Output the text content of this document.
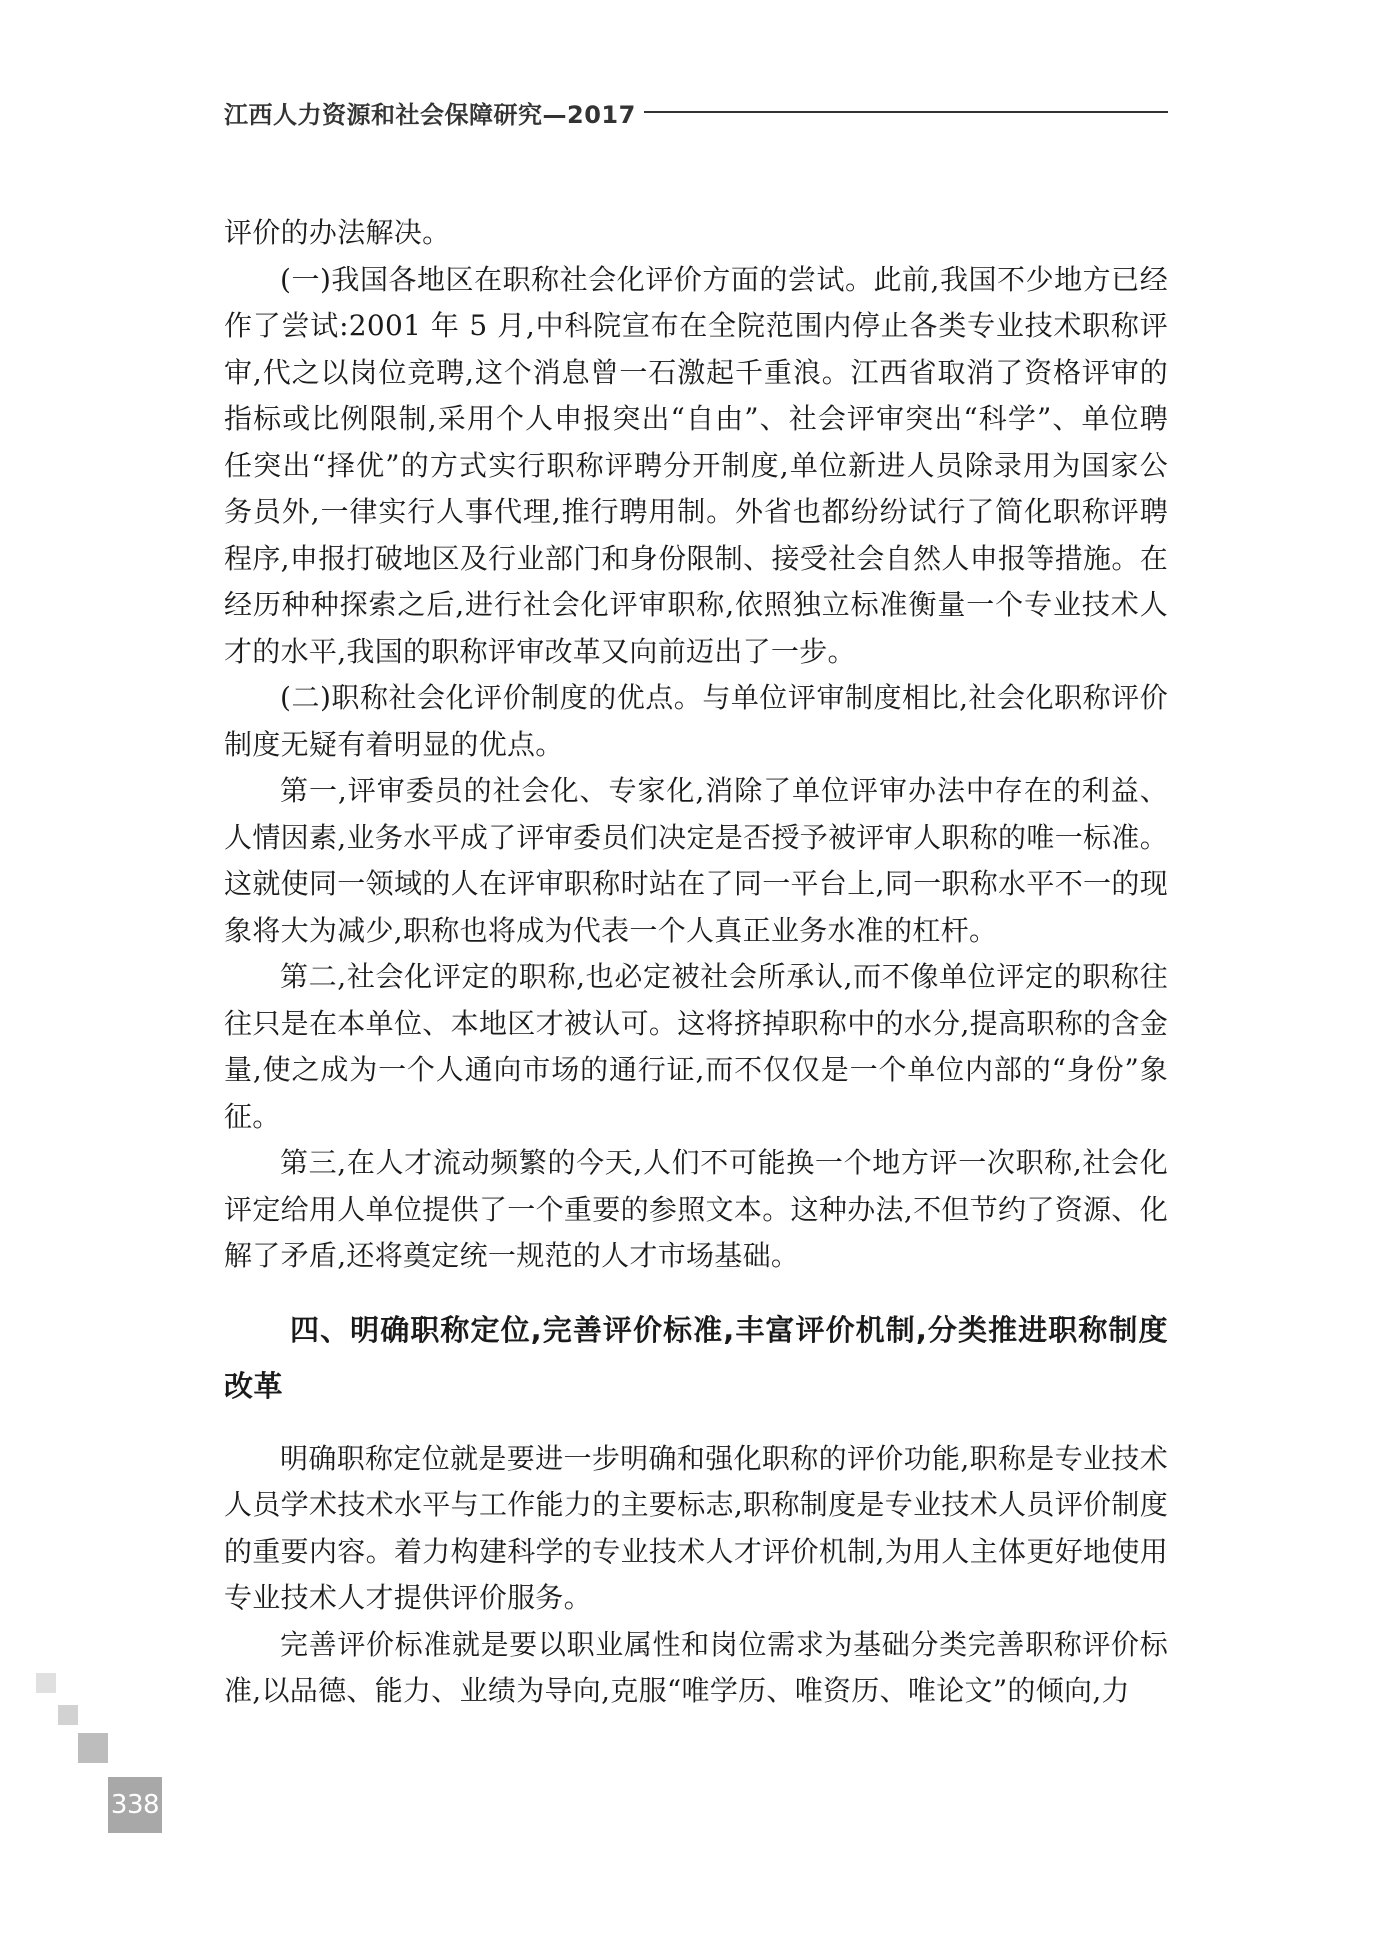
江西人力资源和社会保障研究—2017

评价的办法解决。

(一)我国各地区在职称社会化评价方面的尝试。此前,我国不少地方已经作了尝试:2001 年 5 月,中科院宣布在全院范围内停止各类专业技术职称评审,代之以岗位竞聘,这个消息曾一石激起千重浪。江西省取消了资格评审的指标或比例限制,采用个人申报突出“自由”、社会评审突出“科学”、单位聘任突出“择优”的方式实行职称评聘分开制度,单位新进人员除录用为国家公务员外,一律实行人事代理,推行聘用制。外省也都纷纷试行了简化职称评聘程序,申报打破地区及行业部门和身份限制、接受社会自然人申报等措施。在经历种种探索之后,进行社会化评审职称,依照独立标准衡量一个专业技术人才的水平,我国的职称评审改革又向前迈出了一步。

(二)职称社会化评价制度的优点。与单位评审制度相比,社会化职称评价制度无疑有着明显的优点。

第一,评审委员的社会化、专家化,消除了单位评审办法中存在的利益、人情因素,业务水平成了评审委员们决定是否授予被评审人职称的唯一标准。这就使同一领域的人在评审职称时站在了同一平台上,同一职称水平不一的现象将大为减少,职称也将成为代表一个人真正业务水准的杠杆。

第二,社会化评定的职称,也必定被社会所承认,而不像单位评定的职称往往只是在本单位、本地区才被认可。这将挤掉职称中的水分,提高职称的含金量,使之成为一个人通向市场的通行证,而不仅仅是一个单位内部的“身份”象征。

第三,在人才流动频繁的今天,人们不可能换一个地方评一次职称,社会化评定给用人单位提供了一个重要的参照文本。这种办法,不但节约了资源、化解了矛盾,还将奠定统一规范的人才市场基础。

四、明确职称定位,完善评价标准,丰富评价机制,分类推进职称制度改革

明确职称定位就是要进一步明确和强化职称的评价功能,职称是专业技术人员学术技术水平与工作能力的主要标志,职称制度是专业技术人员评价制度的重要内容。着力构建科学的专业技术人才评价机制,为用人主体更好地使用专业技术人才提供评价服务。

完善评价标准就是要以职业属性和岗位需求为基础分类完善职称评价标准,以品德、能力、业绩为导向,克服“唯学历、唯资历、唯论文”的倾向,力

338
